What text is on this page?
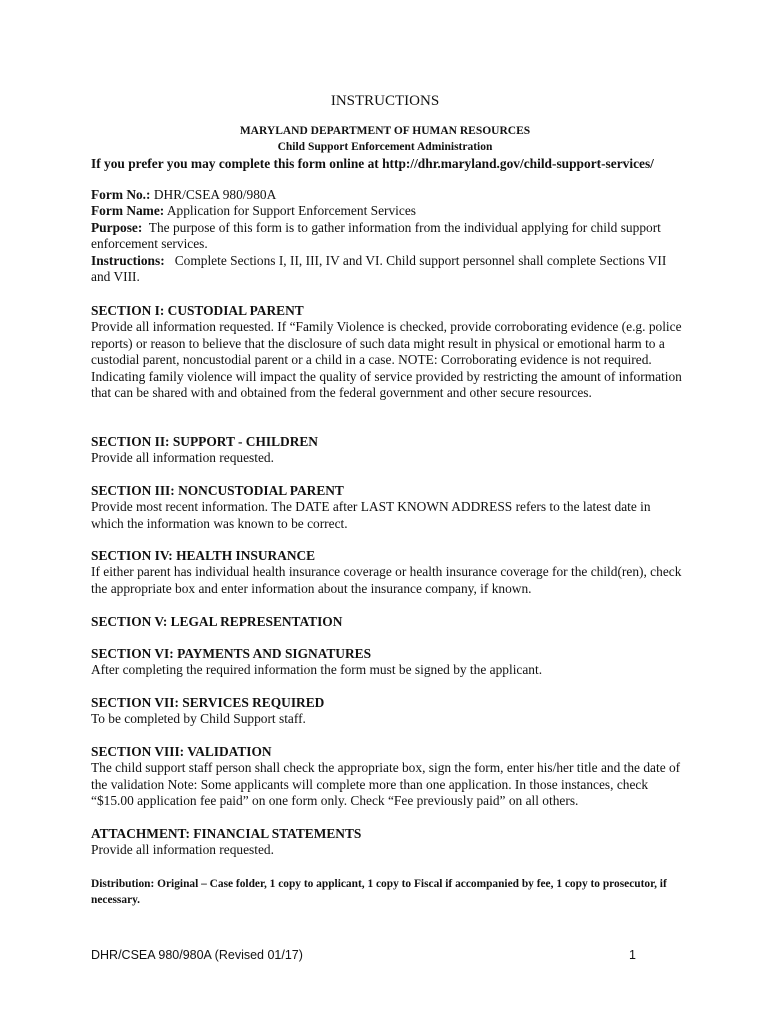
INSTRUCTIONS
MARYLAND DEPARTMENT OF HUMAN RESOURCES
Child Support Enforcement Administration
If you prefer you may complete this form online at http://dhr.maryland.gov/child-support-services/
Form No.: DHR/CSEA 980/980A
Form Name: Application for Support Enforcement Services
Purpose: The purpose of this form is to gather information from the individual applying for child support enforcement services.
Instructions: Complete Sections I, II, III, IV and VI. Child support personnel shall complete Sections VII and VIII.
SECTION I: CUSTODIAL PARENT

Provide all information requested. If “Family Violence is checked, provide corroborating evidence (e.g. police reports) or reason to believe that the disclosure of such data might result in physical or emotional harm to a custodial parent, noncustodial parent or a child in a case. NOTE: Corroborating evidence is not required. Indicating family violence will impact the quality of service provided by restricting the amount of information that can be shared with and obtained from the federal government and other secure resources.

SECTION II: SUPPORT - CHILDREN

Provide all information requested.

SECTION III: NONCUSTODIAL PARENT

Provide most recent information. The DATE after LAST KNOWN ADDRESS refers to the latest date in which the information was known to be correct.

SECTION IV: HEALTH INSURANCE

If either parent has individual health insurance coverage or health insurance coverage for the child(ren), check the appropriate box and enter information about the insurance company, if known.

SECTION V: LEGAL REPRESENTATION
SECTION VI: PAYMENTS AND SIGNATURES

After completing the required information the form must be signed by the applicant.

SECTION VII: SERVICES REQUIRED

To be completed by Child Support staff.

SECTION VIII: VALIDATION

The child support staff person shall check the appropriate box, sign the form, enter his/her title and the date of the validation Note: Some applicants will complete more than one application. In those instances, check “$15.00 application fee paid” on one form only. Check “Fee previously paid” on all others.

ATTACHMENT: FINANCIAL STATEMENTS

Provide all information requested.

Distribution: Original – Case folder, 1 copy to applicant, 1 copy to Fiscal if accompanied by fee, 1 copy to prosecutor, if necessary.
DHR/CSEA 980/980A (Revised 01/17)	1
